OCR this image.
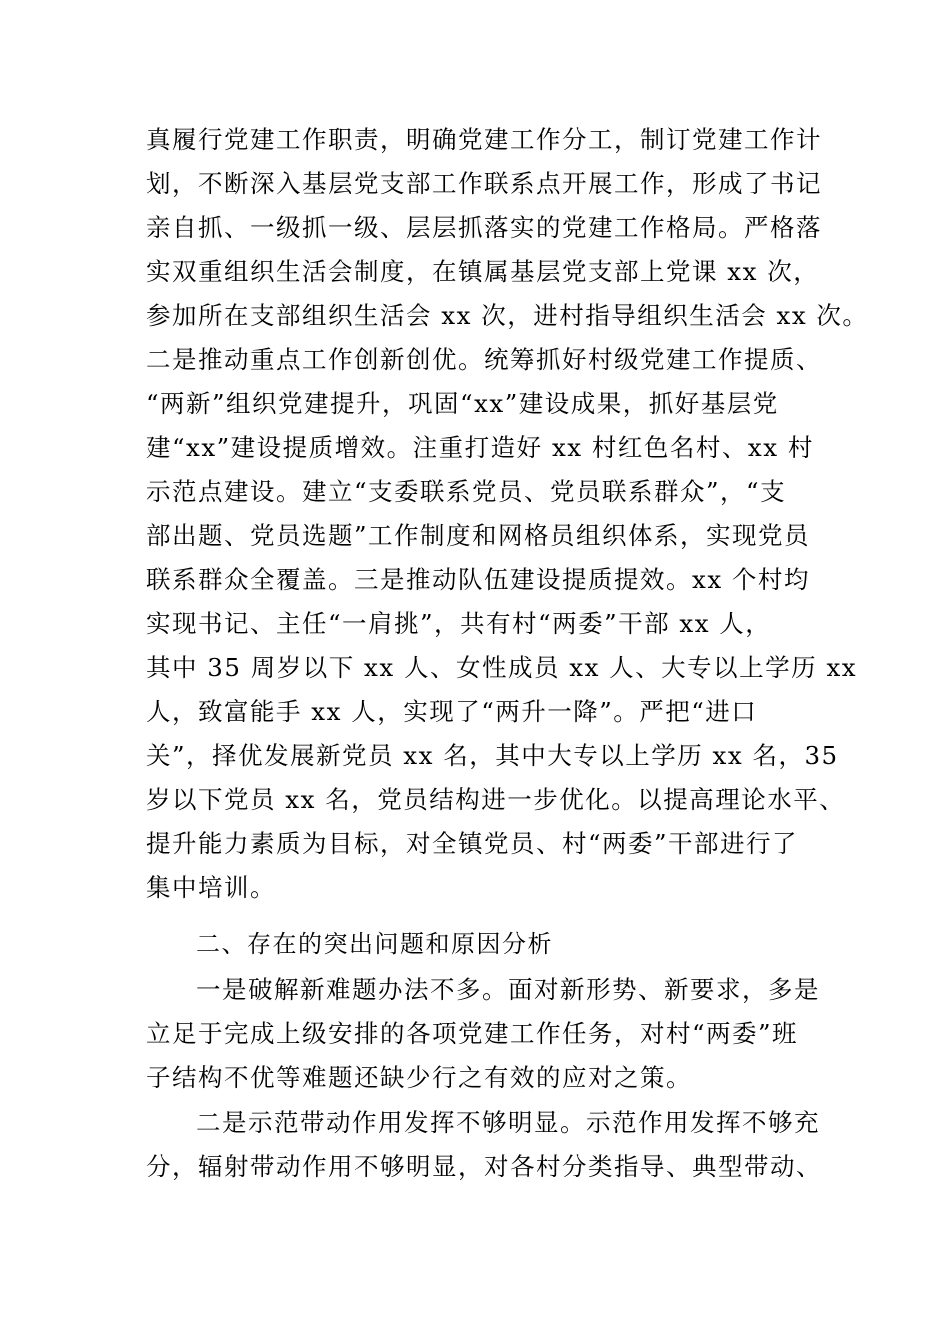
真履行党建工作职责，明确党建工作分工，制订党建工作计
划，不断深入基层党支部工作联系点开展工作，形成了书记
亲自抓、一级抓一级、层层抓落实的党建工作格局。严格落
实双重组织生活会制度，在镇属基层党支部上党课 xx 次，
参加所在支部组织生活会 xx 次，进村指导组织生活会 xx 次。
二是推动重点工作创新创优。统筹抓好村级党建工作提质、
“两新”组织党建提升，巩固“xx”建设成果，抓好基层党
建“xx”建设提质增效。注重打造好 xx 村红色名村、xx 村
示范点建设。建立“支委联系党员、党员联系群众”，“支
部出题、党员选题”工作制度和网格员组织体系，实现党员
联系群众全覆盖。三是推动队伍建设提质提效。xx 个村均
实现书记、主任“一肩挑”，共有村“两委”干部 xx 人，
其中 35 周岁以下 xx 人、女性成员 xx 人、大专以上学历 xx
人，致富能手 xx 人，实现了“两升一降”。严把“进口
关”，择优发展新党员 xx 名，其中大专以上学历 xx 名，35
岁以下党员 xx 名，党员结构进一步优化。以提高理论水平、
提升能力素质为目标，对全镇党员、村“两委”干部进行了
集中培训。
二、存在的突出问题和原因分析
一是破解新难题办法不多。面对新形势、新要求，多是
立足于完成上级安排的各项党建工作任务，对村“两委”班
子结构不优等难题还缺少行之有效的应对之策。
二是示范带动作用发挥不够明显。示范作用发挥不够充
分，辐射带动作用不够明显，对各村分类指导、典型带动、
